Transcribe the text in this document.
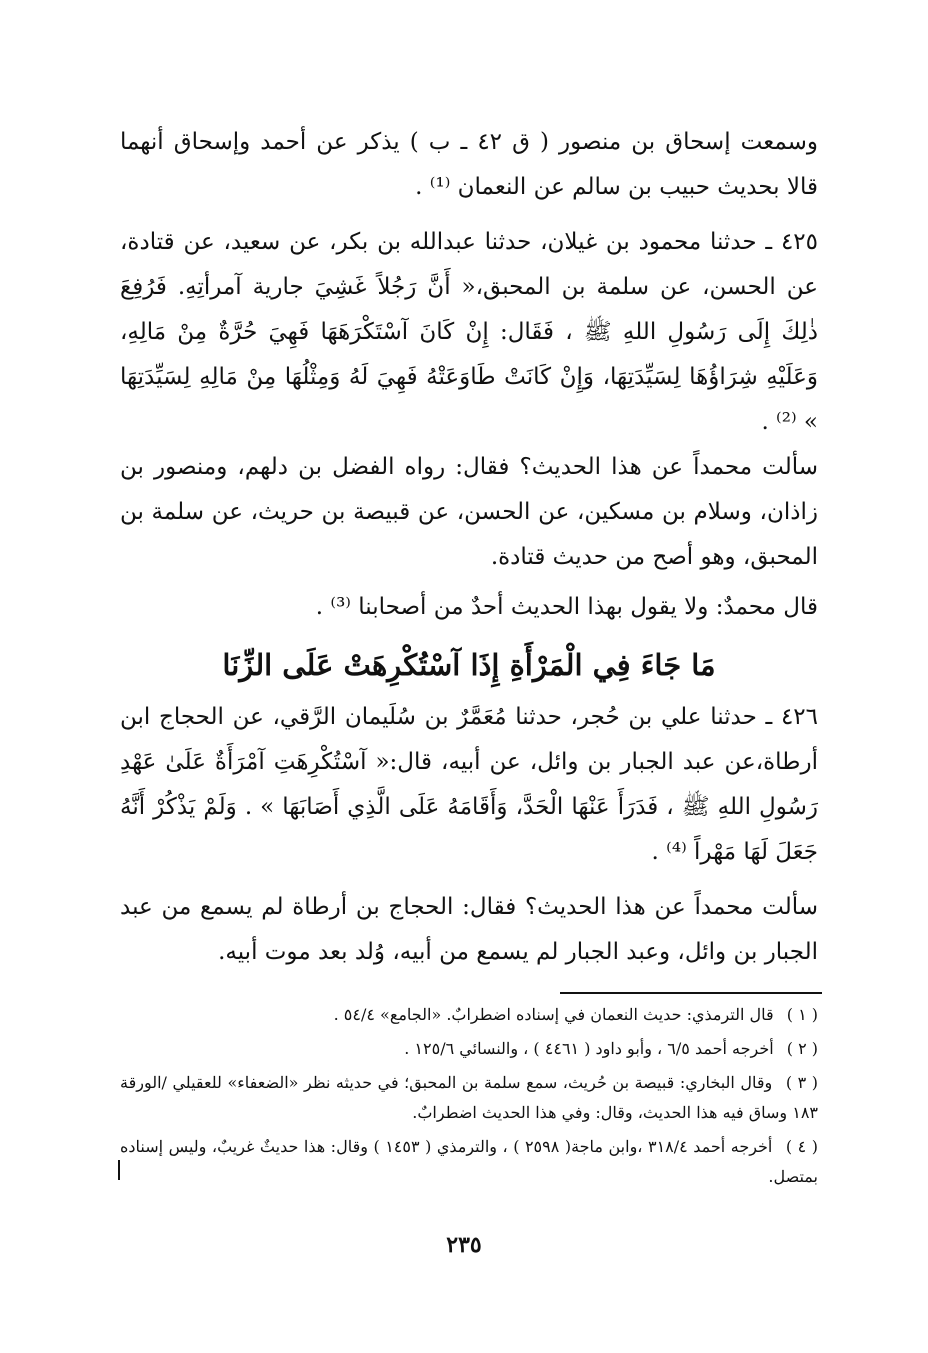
وسمعت إسحاق بن منصور ( ق ٤٢ ـ ب ) يذكر عن أحمد وإسحاق أنهما قالا بحديث حبيب بن سالم عن النعمان ⁽¹⁾ .
٤٢٥ ـ حدثنا محمود بن غيلان، حدثنا عبدالله بن بكر، عن سعيد، عن قتادة، عن الحسن، عن سلمة بن المحبق،« أَنَّ رَجُلاً غَشِيَ جارية آمرأتِهِ. فَرُفِعَ ذٰلِكَ إِلَى رَسُولِ اللهِ ﷺ ، فَقَال: إِنْ كَانَ آسْتَكْرَهَهَا فَهِيَ حُرَّةٌ مِنْ مَالِهِ، وَعَلَيْهِ شِرَاؤُهَا لِسَيِّدَتِهَا، وَإِنْ كَانَتْ طَاوَعَتْهُ فَهِيَ لَهُ وَمِثْلُهَا مِنْ مَالِهِ لِسَيِّدَتِهَا » ⁽²⁾ .
سألت محمداً عن هذا الحديث؟ فقال: رواه الفضل بن دلهم، ومنصور بن زاذان، وسلام بن مسكين، عن الحسن، عن قبيصة بن حريث، عن سلمة بن المحبق، وهو أصح من حديث قتادة.
قال محمدٌ: ولا يقول بهذا الحديث أحدٌ من أصحابنا ⁽³⁾ .
مَا جَاءَ فِي الْمَرْأَةِ إِذَا آسْتُكْرِهَتْ عَلَى الزِّنَا
٤٢٦ ـ حدثنا علي بن حُجر، حدثنا مُعَمَّرٌ بن سُلَيمان الرَّقي، عن الحجاج ابن أرطاة،عن عبد الجبار بن وائل، عن أبيه، قال:« آسْتُكْرِهَتِ آمْرَأَةٌ عَلَىٰ عَهْدِ رَسُولِ اللهِ ﷺ ، فَدَرَأَ عَنْهَا الْحَدَّ، وَأَقَامَهُ عَلَى الَّذِي أَصَابَهَا » . وَلَمْ يَذْكُرْ أَنَّهُ جَعَلَ لَهَا مَهْراً ⁽⁴⁾ .
سألت محمداً عن هذا الحديث؟ فقال: الحجاج بن أرطاة لم يسمع من عبد الجبار بن وائل، وعبد الجبار لم يسمع من أبيه، وُلد بعد موت أبيه.
( ١ ) قال الترمذي: حديث النعمان في إسناده اضطرابٌ. «الجامع» ٥٤/٤ .
( ٢ ) أخرجه أحمد ٦/٥ ، وأبو داود ( ٤٤٦١ ) ، والنسائي ١٢٥/٦ .
( ٣ ) وقال البخاري: قبيصة بن حُريث، سمع سلمة بن المحبق؛ في حديثه نظر «الضعفاء» للعقيلي /الورقة ١٨٣ وساق فيه هذا الحديث، وقال: وفي هذا الحديث اضطرابٌ.
( ٤ ) أخرجه أحمد ٣١٨/٤ ،وابن ماجة( ٢٥٩٨ ) ، والترمذي ( ١٤٥٣ ) وقال: هذا حديثٌ غريبٌ، وليس إسناده بمتصل.
٢٣٥
